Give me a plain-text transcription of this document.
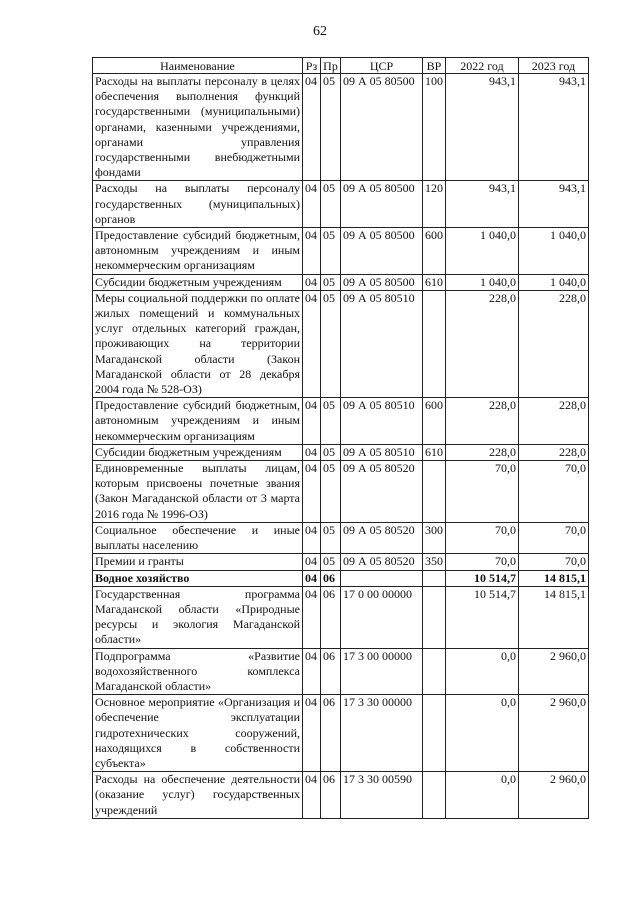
62
Наименование	Рз	Пр	ЦСР	ВР	2022 год	2023 год
Расходы на выплаты персоналу в целях обеспечения выполнения функций государственными (муниципальными) органами, казенными учреждениями, органами управления государственными внебюджетными фондами	04	05	09 А 05 80500	100	943,1	943,1
Расходы на выплаты персоналу государственных (муниципальных) органов	04	05	09 А 05 80500	120	943,1	943,1
Предоставление субсидий бюджетным, автономным учреждениям и иным некоммерческим организациям	04	05	09 А 05 80500	600	1 040,0	1 040,0
Субсидии бюджетным учреждениям	04	05	09 А 05 80500	610	1 040,0	1 040,0
Меры социальной поддержки по оплате жилых помещений и коммунальных услуг отдельных категорий граждан, проживающих на территории Магаданской области (Закон Магаданской области от 28 декабря 2004 года № 528-ОЗ)	04	05	09 А 05 80510		228,0	228,0
Предоставление субсидий бюджетным, автономным учреждениям и иным некоммерческим организациям	04	05	09 А 05 80510	600	228,0	228,0
Субсидии бюджетным учреждениям	04	05	09 А 05 80510	610	228,0	228,0
Единовременные выплаты лицам, которым присвоены почетные звания (Закон Магаданской области от 3 марта 2016 года № 1996-ОЗ)	04	05	09 А 05 80520		70,0	70,0
Социальное обеспечение и иные выплаты населению	04	05	09 А 05 80520	300	70,0	70,0
Премии и гранты	04	05	09 А 05 80520	350	70,0	70,0
Водное хозяйство	04	06			10 514,7	14 815,1
Государственная программа Магаданской области «Природные ресурсы и экология Магаданской области»	04	06	17 0 00 00000		10 514,7	14 815,1
Подпрограмма «Развитие водохозяйственного комплекса Магаданской области»	04	06	17 3 00 00000		0,0	2 960,0
Основное мероприятие «Организация и обеспечение эксплуатации гидротехнических сооружений, находящихся в собственности субъекта»	04	06	17 3 30 00000		0,0	2 960,0
Расходы на обеспечение деятельности (оказание услуг) государственных учреждений	04	06	17 3 30 00590		0,0	2 960,0
